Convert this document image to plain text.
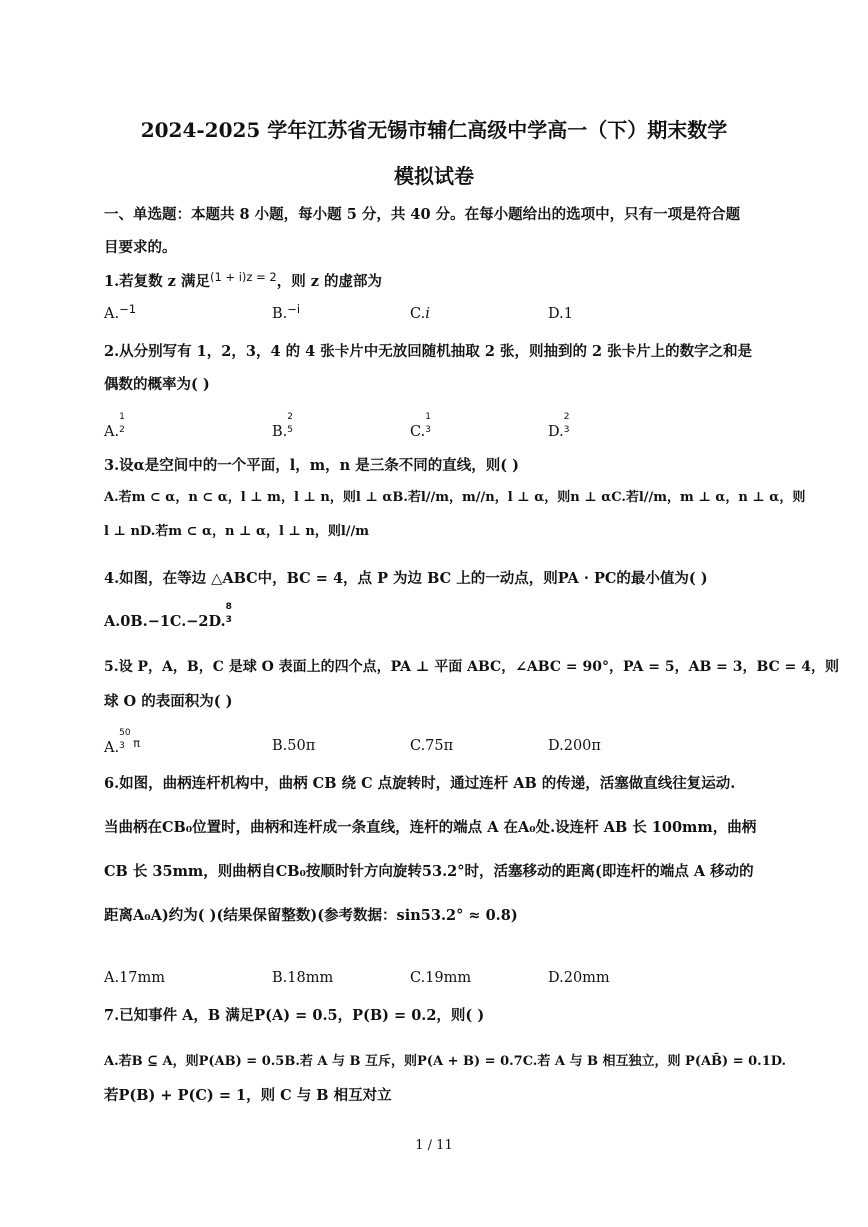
2024-2025 学年江苏省无锡市辅仁高级中学高一（下）期末数学
模拟试卷
一、单选题：本题共 8 小题，每小题 5 分，共 40 分。在每小题给出的选项中，只有一项是符合题
目要求的。
1.若复数 z 满足$^{(1 + i)z = 2}$，则 z 的虚部为
A.$^{-1}$	B.$^{-i}$	C.i	D.1
2.从分别写有 1，2，3，4 的 4 张卡片中无放回随机抽取 2 张，则抽到的 2 张卡片上的数字之和是
偶数的概率为( )
A.
1
2	B.
2
5	C.
1
3	D.
2
3
3.设α是空间中的一个平面，l，m，n 是三条不同的直线，则( )
A.若m ⊂ α，n ⊂ α，l ⊥ m，l ⊥ n，则l ⊥ αB.若l//m，m//n，l ⊥ α，则n ⊥ αC.若l//m，m ⊥ α，n ⊥ α，则
l ⊥ nD.若m ⊂ α，n ⊥ α，l ⊥ n，则l//m
4.如图，在等边 △ABC中，BC = 4，点 P 为边 BC 上的一动点，则PA · PC的最小值为( )
A.0B.−1C.−2D.
8
3
5.设 P，A，B，C 是球 O 表面上的四个点，PA ⊥ 平面 ABC，∠ABC = 90°，PA = 5，AB = 3，BC = 4，则
球 O 的表面积为( )
A.
50
3 $^\pi$	B.50π	C.75π	D.200π
6.如图，曲柄连杆机构中，曲柄 CB 绕 C 点旋转时，通过连杆 AB 的传递，活塞做直线往复运动.
当曲柄在CB₀位置时，曲柄和连杆成一条直线，连杆的端点 A 在A₀处.设连杆 AB 长 100mm，曲柄
CB 长 35mm，则曲柄自CB₀按顺时针方向旋转53.2°时，活塞移动的距离(即连杆的端点 A 移动的
距离A₀A)约为( )(结果保留整数)(参考数据：sin53.2° ≈ 0.8)
A.17mm	B.18mm	C.19mm	D.20mm
7.已知事件 A，B 满足P(A) = 0.5，P(B) = 0.2，则( )
A.若B ⊆ A，则P(AB) = 0.5B.若 A 与 B 互斥，则P(A + B) = 0.7C.若 A 与 B 相互独立，则 P(AB̄) = 0.1D.
若P(B) + P(C) = 1，则 C 与 B 相互对立
1 / 11
